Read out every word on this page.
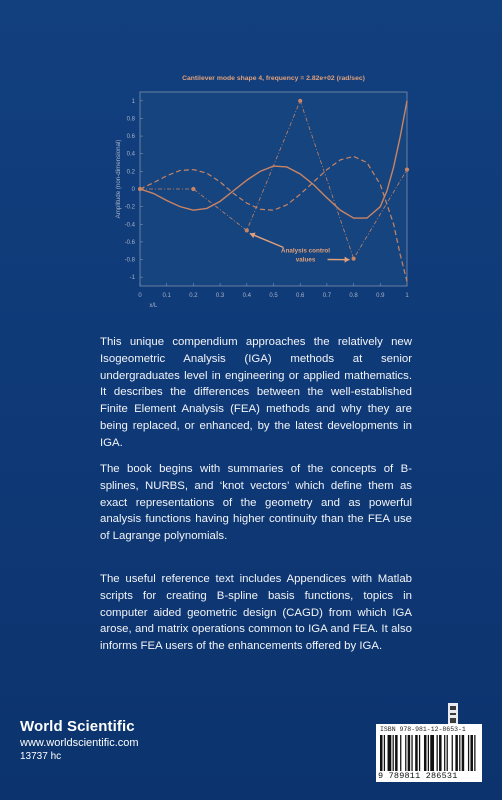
Cantilever mode shape 4, frequency = 2.82e+02 (rad/sec)
0	0.1	0.2	0.3	0.4	0.5	0.6	0.7	0.8	0.9	1
1
0.8
0.6
0.4
0.2
0
-0.2
-0.4
-0.6
-0.8
-1
x/L
Amplitude (non-dimensional)
Analysis control
values

This unique compendium approaches the relatively new Isogeometric Analysis (IGA) methods at senior undergraduates level in engineering or applied mathematics. It describes the differences between the well-established Finite Element Analysis (FEA) methods and why they are being replaced, or enhanced, by the latest developments in IGA.

The book begins with summaries of the concepts of B-splines, NURBS, and ‘knot vectors’ which define them as exact representations of the geometry and as powerful analysis functions having higher continuity than the FEA use of Lagrange polynomials.

The useful reference text includes Appendices with Matlab scripts for creating B-spline basis functions, topics in computer aided geometric design (CAGD) from which IGA arose, and matrix operations common to IGA and FEA. It also informs FEA users of the enhancements offered by IGA.

World Scientific
www.worldscientific.com
13737 hc
ISBN 978-981-12-8653-1
9 789811 286531
